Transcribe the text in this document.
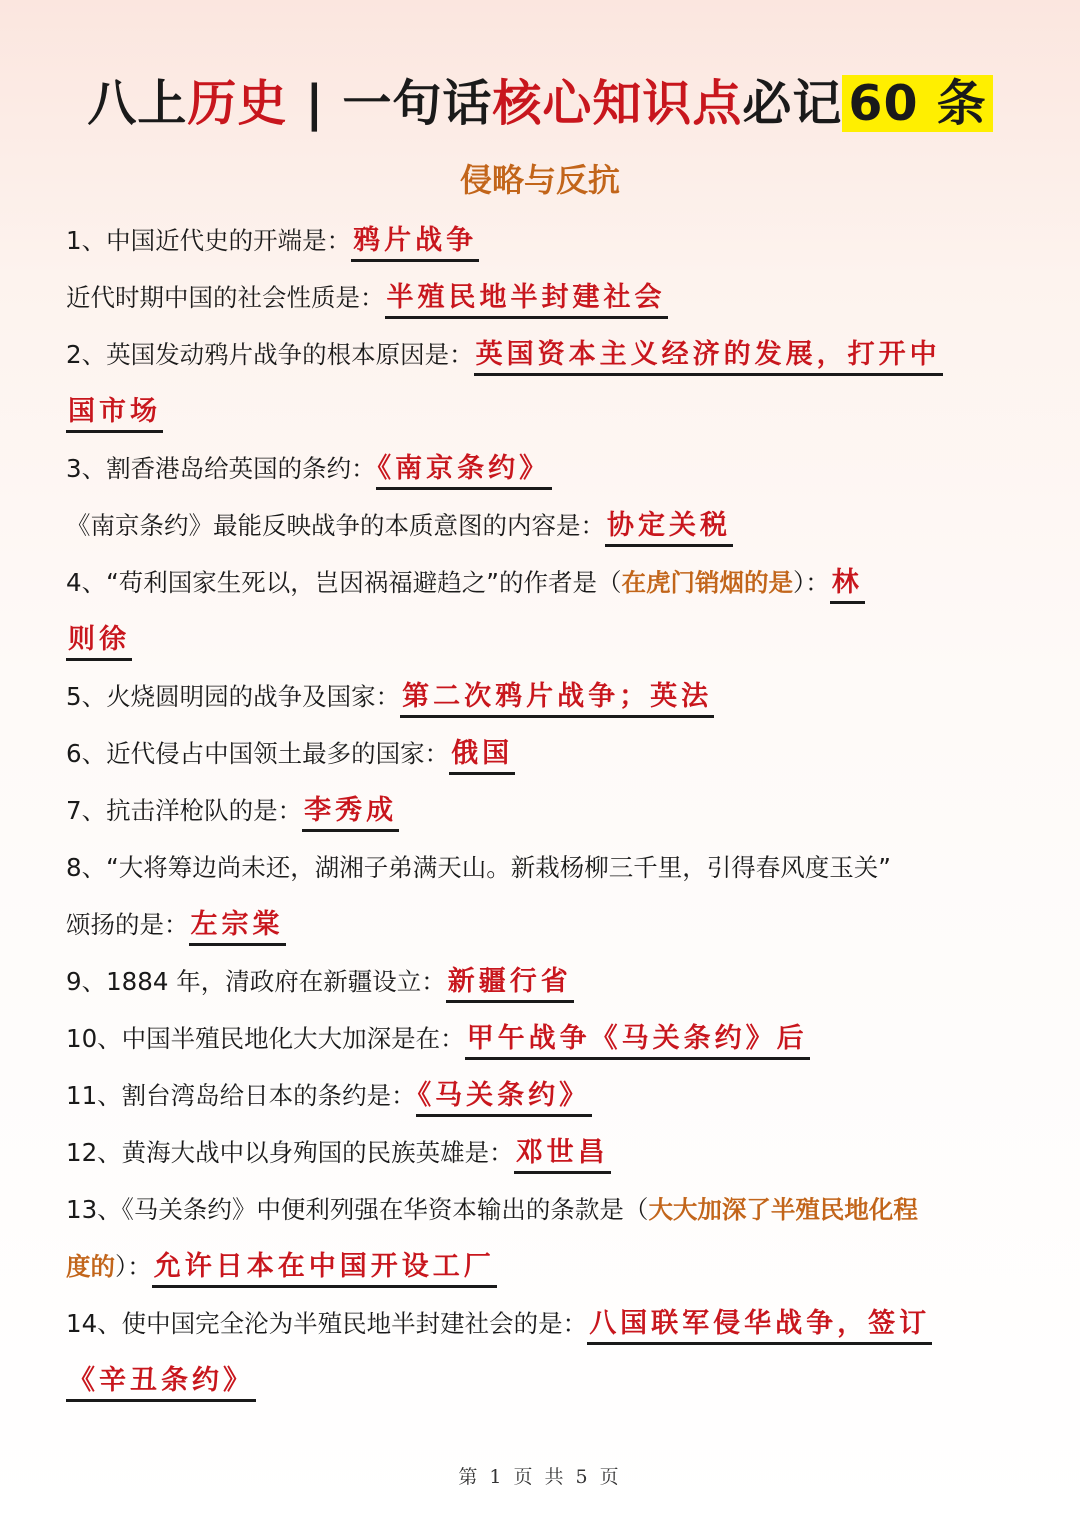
八上历史 | 一句话核心知识点必记 60 条
侵略与反抗
1、中国近代史的开端是：鸦片战争
近代时期中国的社会性质是：半殖民地半封建社会
2、英国发动鸦片战争的根本原因是：英国资本主义经济的发展，打开中
国市场
3、割香港岛给英国的条约：《南京条约》
《南京条约》最能反映战争的本质意图的内容是：协定关税
4、“苟利国家生死以，岂因祸福避趋之”的作者是（在虎门销烟的是）：林
则徐
5、火烧圆明园的战争及国家：第二次鸦片战争；英法
6、近代侵占中国领土最多的国家：俄国
7、抗击洋枪队的是：李秀成
8、“大将筹边尚未还，湖湘子弟满天山。新栽杨柳三千里，引得春风度玉关”
颂扬的是：左宗棠
9、1884 年，清政府在新疆设立：新疆行省
10、中国半殖民地化大大加深是在：甲午战争《马关条约》后
11、割台湾岛给日本的条约是：《马关条约》
12、黄海大战中以身殉国的民族英雄是：邓世昌
13、《马关条约》中便利列强在华资本输出的条款是（大大加深了半殖民地化程
度的）：允许日本在中国开设工厂
14、使中国完全沦为半殖民地半封建社会的是：八国联军侵华战争，签订
《辛丑条约》
第 1 页 共 5 页
